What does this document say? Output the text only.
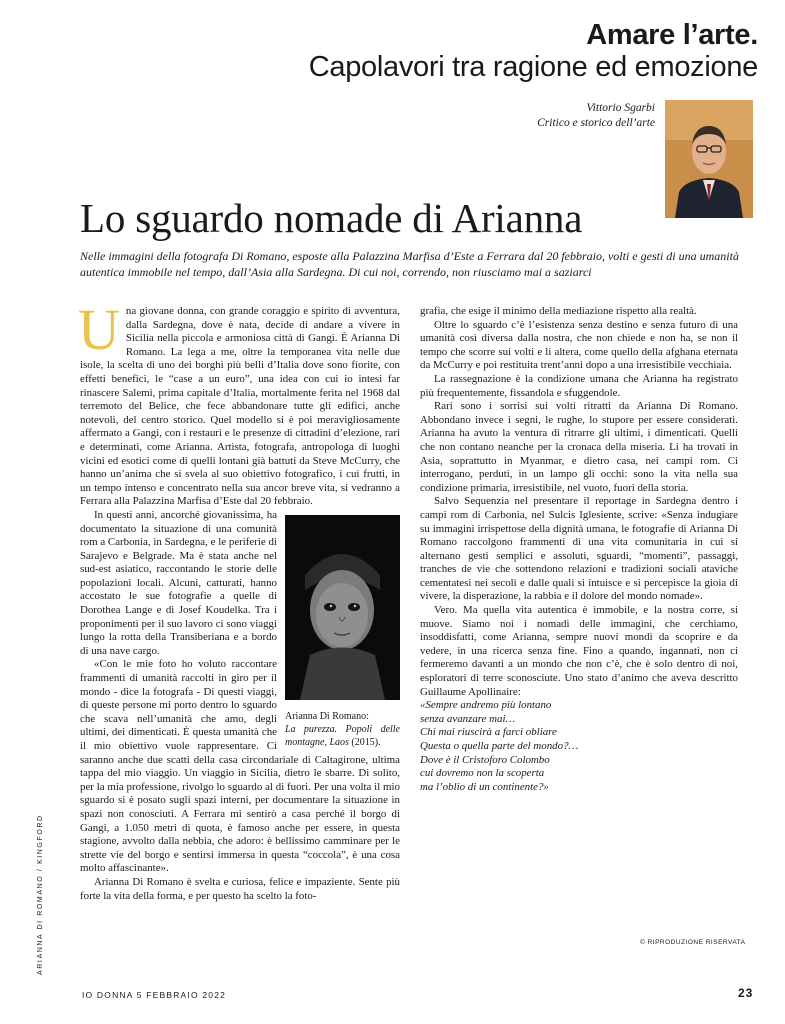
Amare l’arte.
Capolavori tra ragione ed emozione
Vittorio Sgarbi
Critico e storico dell’arte
Lo sguardo nomade di Arianna
Nelle immagini della fotografa Di Romano, esposte alla Palazzina Marfisa d’Este a Ferrara dal 20 febbraio, volti e gesti di una umanità autentica immobile nel tempo, dall’Asia alla Sardegna. Di cui noi, correndo, non riusciamo mai a saziarci

Una giovane donna, con grande coraggio e spirito di avventura, dalla Sardegna, dove è nata, decide di andare a vivere in Sicilia nella piccola e armoniosa città di Gangi. È Arianna Di Romano. La lega a me, oltre la temporanea vita nelle due isole, la scelta di uno dei borghi più belli d’Italia dove sono fiorite, con effetti benefici, le “case a un euro”, una idea con cui io intesi far rinascere Salemi, prima capitale d’Italia, mortalmente ferita nel 1968 dal terremoto del Belice, che fece abbandonare tutte gli edifici, anche notevoli, del centro storico. Quel modello si è poi meravigliosamente affermato a Gangi, con i restauri e le presenze di cittadini d’elezione, rari e determinati, come Arianna. Artista, fotografa, antropologa di luoghi vicini ed esotici come di quelli lontani già battuti da Steve McCurry, che hanno un’anima che si svela al suo obiettivo fotografico, i cui frutti, in un tempo intenso e concentrato nella sua ancor breve vita, si vedranno a Ferrara alla Palazzina Marfisa d’Este dal 20 febbraio.

Arianna Di Romano:
La purezza. Popoli delle montagne, Laos (2015).

In questi anni, ancorché giovanissima, ha documentato la situazione di una comunità rom a Carbonia, in Sardegna, e le periferie di Sarajevo e Belgrade. Ma è stata anche nel sud-est asiatico, raccontando le storie delle popolazioni locali. Alcuni, catturati, hanno accostato le sue fotografie a quelle di Dorothea Lange e di Josef Koudelka. Tra i proponimenti per il suo lavoro ci sono viaggi lungo la rotta della Transiberiana e a bordo di una nave cargo.

«Con le mie foto ho voluto raccontare frammenti di umanità raccolti in giro per il mondo - dice la fotografa - Di questi viaggi, di queste persone mi porto dentro lo sguardo che scava nell’umanità che amo, degli ultimi, dei dimenticati. È questa umanità che il mio obiettivo vuole rappresentare. Ci saranno anche due scatti della casa circondariale di Caltagirone, ultima tappa del mio viaggio. Un viaggio in Sicilia, dietro le sbarre. Di solito, per la mia professione, rivolgo lo sguardo al di fuori. Per una volta il mio sguardo si è posato sugli spazi interni, per documentare la situazione in spazi non conosciuti. A Ferrara mi sentirò a casa perché il borgo di Gangi, a 1.050 metri di quota, è famoso anche per essere, in questa stagione, avvolto dalla nebbia, che adoro: è bellissimo camminare per le strette vie del borgo e sentirsi immersa in questa “coccola”, è una cosa molto affascinante».

Arianna Di Romano è svelta e curiosa, felice e impaziente. Sente più forte la vita della forma, e per questo ha scelto la foto-

grafia, che esige il minimo della mediazione rispetto alla realtà.

Oltre lo sguardo c’è l’esistenza senza destino e senza futuro di una umanità così diversa dalla nostra, che non chiede e non ha, se non il tempo che scorre sui volti e li altera, come quello della afghana eternata da McCurry e poi restituita trent’anni dopo a una irresistibile vecchiaia.

La rassegnazione è la condizione umana che Arianna ha registrato più frequentemente, fissandola e sfuggendole.

Rari sono i sorrisi sui volti ritratti da Arianna Di Romano. Abbondano invece i segni, le rughe, lo stupore per essere considerati. Arianna ha avuto la ventura di ritrarre gli ultimi, i dimenticati. Quelli che non contano neanche per la cronaca della miseria. Li ha trovati in Asia, soprattutto in Myanmar, e dietro casa, nei campi rom. Ci interrogano, perduti, in un lampo gli occhi: sono la vita nella sua condizione primaria, irresistibile, nel vuoto, fuori della storia.

Salvo Sequenzia nel presentare il reportage in Sardegna dentro i campi rom di Carbonia, nel Sulcis Iglesiente, scrive: «Senza indugiare su immagini irrispettose della dignità umana, le fotografie di Arianna Di Romano raccolgono frammenti di una vita comunitaria in cui si alternano gesti semplici e assoluti, sguardi, “momenti”, passaggi, tranches de vie che sottendono relazioni e tradizioni sociali ataviche cementatesi nei secoli e dalle quali si intuisce e si percepisce la gioia di vivere, la disperazione, la rabbia e il dolore del mondo nomade».

Vero. Ma quella vita autentica è immobile, e la nostra corre, si muove. Siamo noi i nomadi delle immagini, che cerchiamo, insoddisfatti, come Arianna, sempre nuovi mondi da scoprire e da vedere, in una ricerca senza fine. Fino a quando, ingannati, non ci fermeremo davanti a un mondo che non c’è, che è solo dentro di noi, esploratori di terre sconosciute. Uno stato d’animo che aveva descritto Guillaume Apollinaire:

«Sempre andremo più lontano

senza avanzare mai…

Chi mai riuscirà a farci obliare

Questa o quella parte del mondo?…

Dove è il Cristoforo Colombo

cui dovremo non la scoperta

ma l’oblio di un continente?»

© RIPRODUZIONE RISERVATA
ARIANNA DI ROMANO / KINGFORD
IO DONNA 5 FEBBRAIO 2022	23
